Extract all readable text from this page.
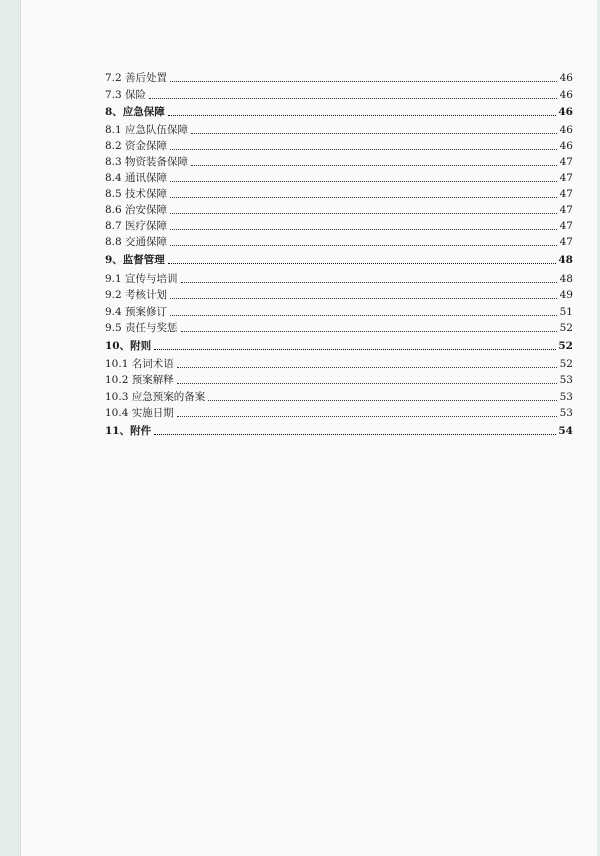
7.2 善后处置	46
7.3 保险	46
8、应急保障	46
8.1 应急队伍保障	46
8.2 资金保障	46
8.3 物资装备保障	47
8.4 通讯保障	47
8.5 技术保障	47
8.6 治安保障	47
8.7 医疗保障	47
8.8 交通保障	47
9、监督管理	48
9.1 宣传与培训	48
9.2 考核计划	49
9.4 预案修订	51
9.5 责任与奖惩	52
10、附则	52
10.1 名词术语	52
10.2 预案解释	53
10.3 应急预案的备案	53
10.4 实施日期	53
11、附件	54
